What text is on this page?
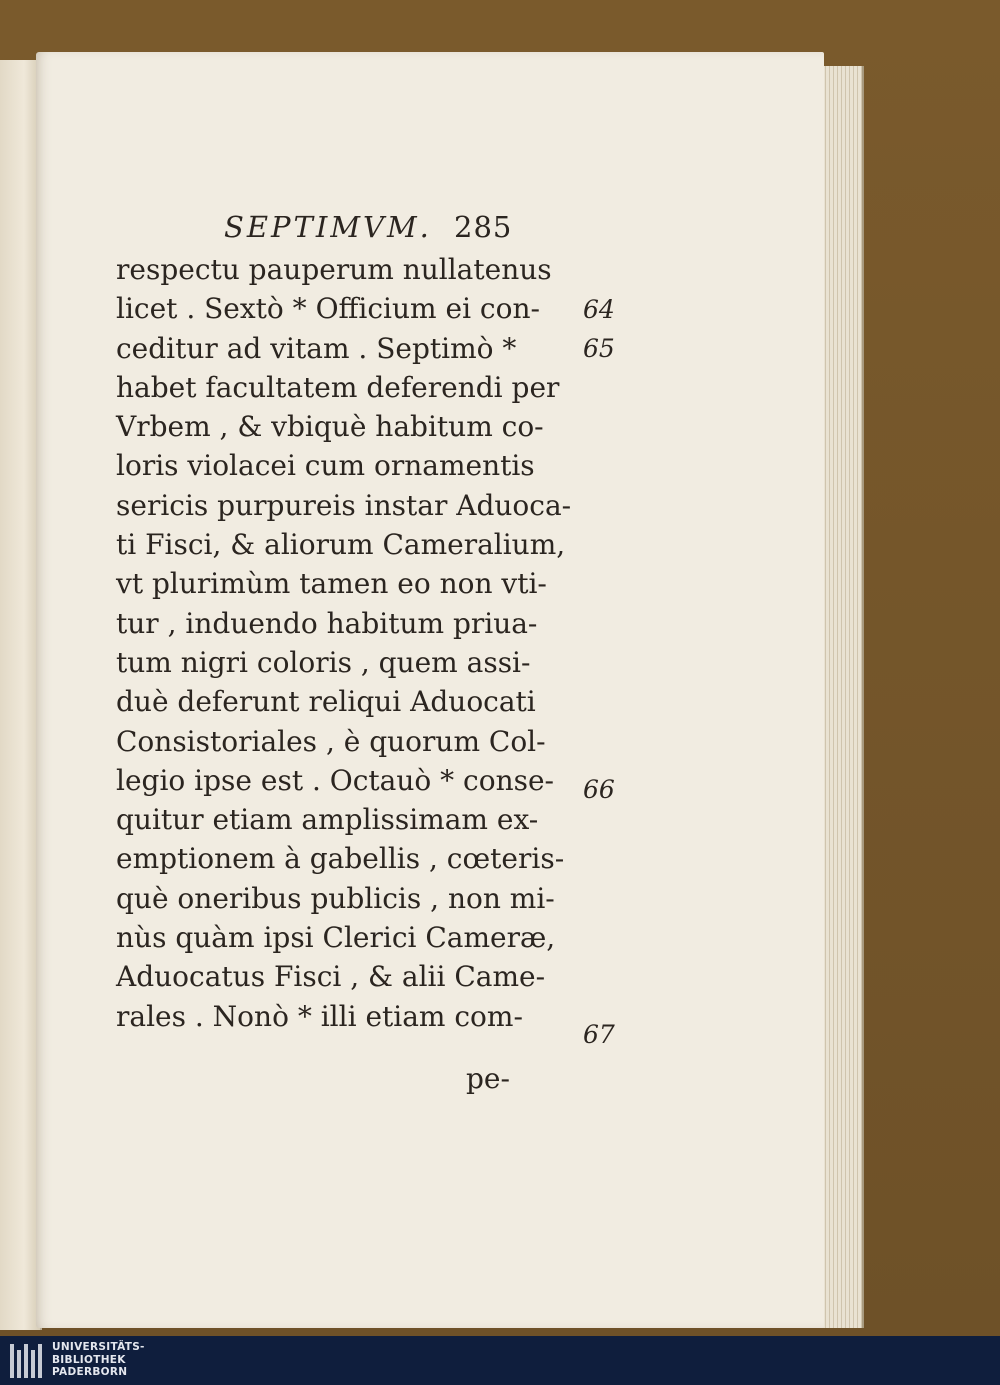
SEPTIMVM. 285
respectu pauperum nullatenus
licet . Sextò * Officium ei con-
ceditur ad vitam . Septimò *
habet facultatem deferendi per
Vrbem , & vbiquè habitum co-
loris violacei cum ornamentis
sericis purpureis instar Aduoca-
ti Fisci, & aliorum Cameralium,
vt plurimùm tamen eo non vti-
tur , induendo habitum priua-
tum nigri coloris , quem assi-
duè deferunt reliqui Aduocati
Consistoriales , è quorum Col-
legio ipse est . Octauò * conse-
quitur etiam amplissimam ex-
emptionem à gabellis , cœteris-
què oneribus publicis , non mi-
nùs quàm ipsi Clerici Cameræ,
Aduocatus Fisci , & alii Came-
rales . Nonò * illi etiam com-
64
65
66
67
pe-
UNIVERSITÄTS-
BIBLIOTHEK
PADERBORN
